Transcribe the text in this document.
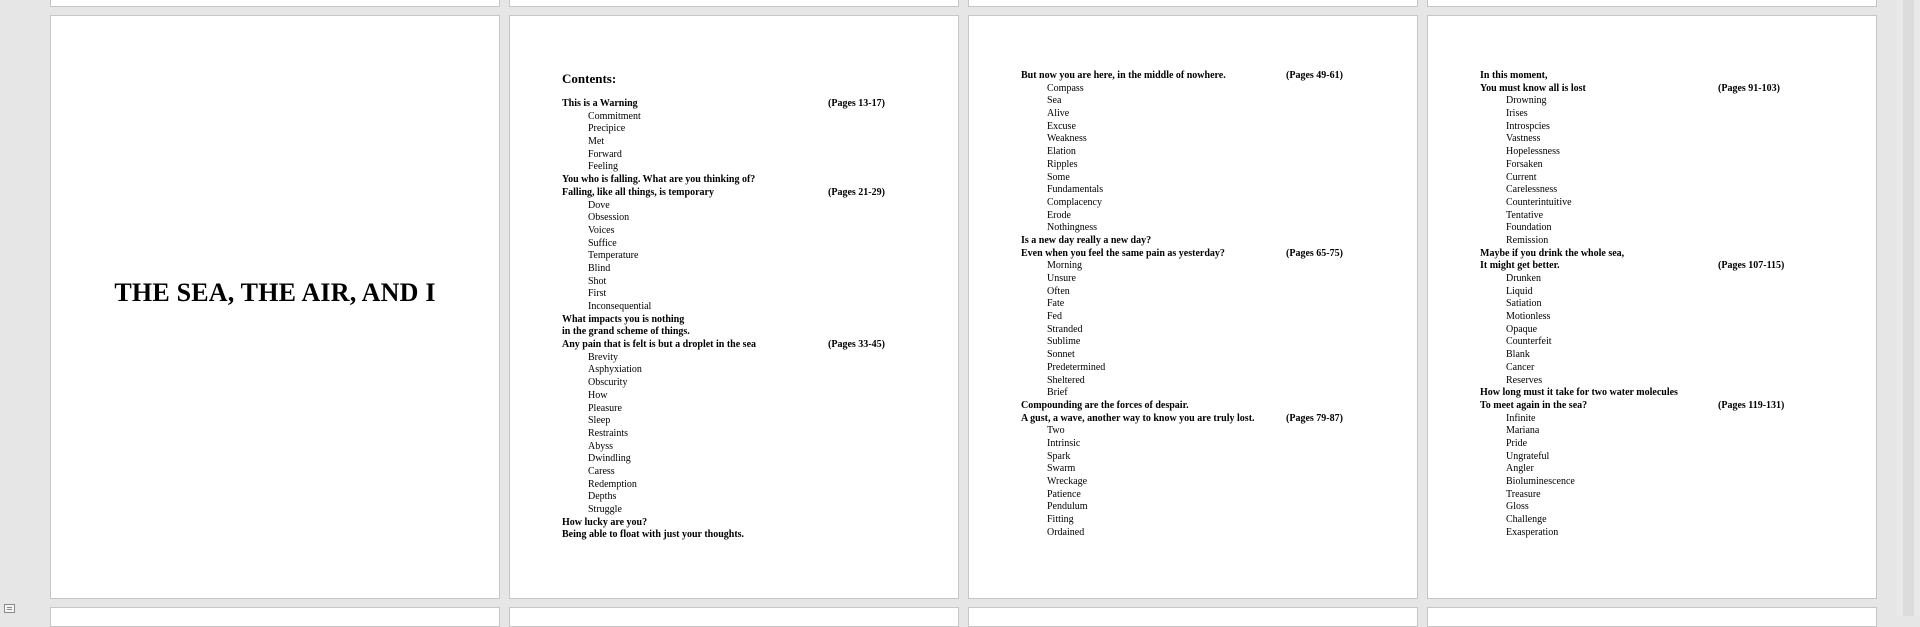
THE SEA, THE AIR, AND I
Contents:
This is a Warning	(Pages 13-17)
Commitment
Precipice
Met
Forward
Feeling
You who is falling. What are you thinking of?
Falling, like all things, is temporary	(Pages 21-29)
Dove
Obsession
Voices
Suffice
Temperature
Blind
Shot
First
Inconsequential
What impacts you is nothing
in the grand scheme of things.
Any pain that is felt is but a droplet in the sea	(Pages 33-45)
Brevity
Asphyxiation
Obscurity
How
Pleasure
Sleep
Restraints
Abyss
Dwindling
Caress
Redemption
Depths
Struggle
How lucky are you?
Being able to float with just your thoughts.
But now you are here, in the middle of nowhere.	(Pages 49-61)
Compass
Sea
Alive
Excuse
Weakness
Elation
Ripples
Some
Fundamentals
Complacency
Erode
Nothingness
Is a new day really a new day?
Even when you feel the same pain as yesterday?	(Pages 65-75)
Morning
Unsure
Often
Fate
Fed
Stranded
Sublime
Sonnet
Predetermined
Sheltered
Brief
Compounding are the forces of despair.
A gust, a wave, another way to know you are truly lost.	(Pages 79-87)
Two
Intrinsic
Spark
Swarm
Wreckage
Patience
Pendulum
Fitting
Ordained
In this moment,
You must know all is lost	(Pages 91-103)
Drowning
Irises
Introspcies
Vastness
Hopelessness
Forsaken
Current
Carelessness
Counterintuitive
Tentative
Foundation
Remission
Maybe if you drink the whole sea,
It might get better.	(Pages 107-115)
Drunken
Liquid
Satiation
Motionless
Opaque
Counterfeit
Blank
Cancer
Reserves
How long must it take for two water molecules
To meet again in the sea?	(Pages 119-131)
Infinite
Mariana
Pride
Ungrateful
Angler
Bioluminescence
Treasure
Gloss
Challenge
Exasperation
